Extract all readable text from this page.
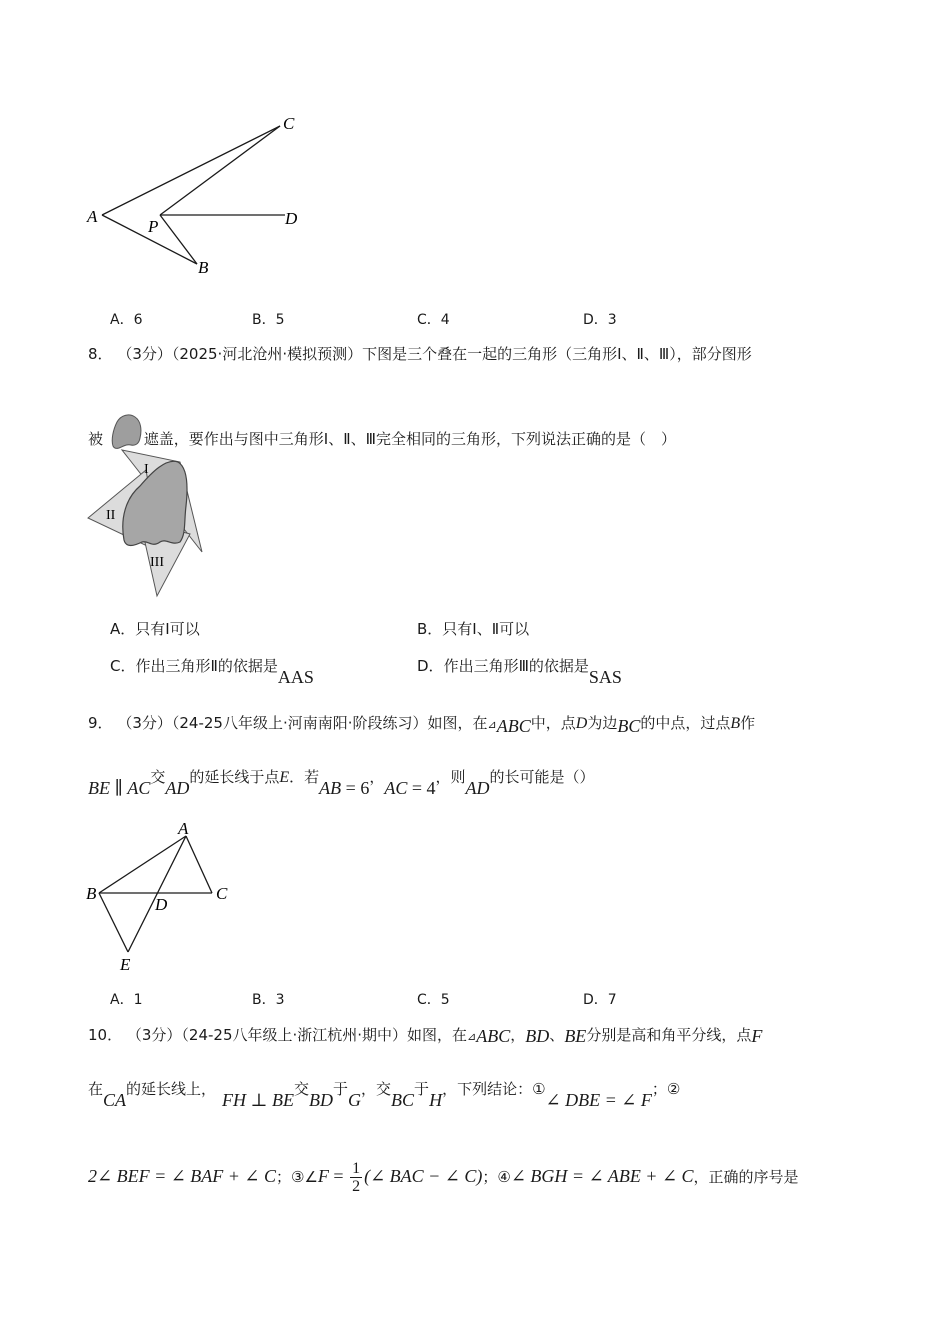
C
A
P	D
B
A．6	B．5	C．4	D．3
8． （3分）（2025·河北沧州·模拟预测）下图是三个叠在一起的三角形（三角形Ⅰ、Ⅱ、Ⅲ），部分图形
被	遮盖，要作出与图中三角形Ⅰ、Ⅱ、Ⅲ完全相同的三角形，下列说法正确的是（　）
I
II
III
A．只有Ⅰ可以	B．只有Ⅰ、Ⅱ可以
C．作出三角形Ⅱ的依据是AAS
D．作出三角形Ⅲ的依据是SAS
9． （3分）（24-25八年级上·河南南阳·阶段练习）如图，在⊿ABC中，点D为边BC的中点，过点B作
BE ∥ AC交AD的延长线于点E．若AB = 6，AC = 4，则AD的长可能是（）
A
B	C
D
E
A．1	B．3	C．5	D．7
10． （3分）（24-25八年级上·浙江杭州·期中）如图，在⊿ABC，BD、BE分别是高和角平分线，点F
在CA的延长线上，FH ⊥ BE交BD于G，交BC于H，下列结论：①∠ DBE = ∠ F；②
2∠ BEF = ∠ BAF + ∠ C；③∠F = $\frac{1}{2}$ (∠ BAC − ∠ C)；④∠ BGH = ∠ ABE + ∠ C，正确的序号是
